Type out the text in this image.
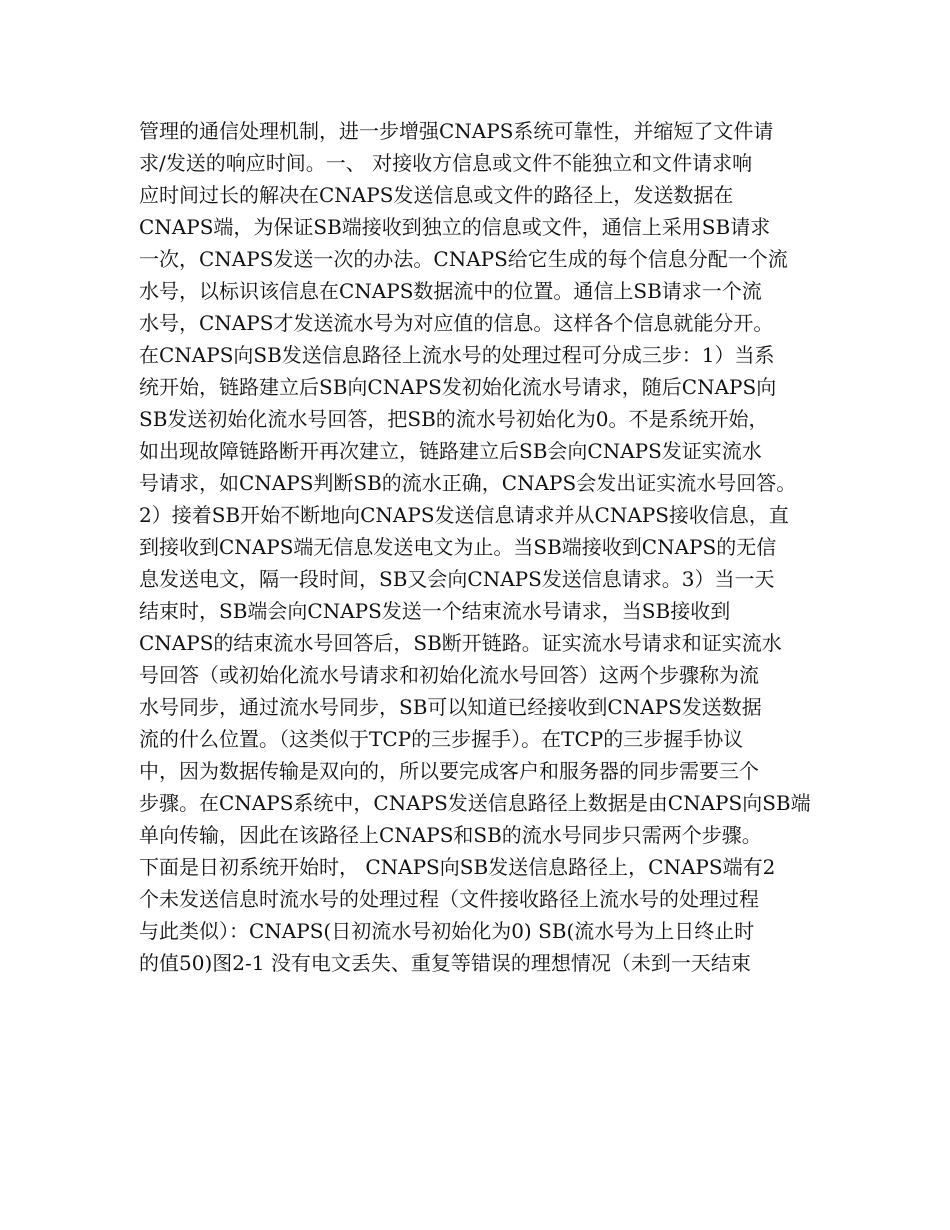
管理的通信处理机制，进一步增强CNAPS系统可靠性，并缩短了文件请
求/发送的响应时间。一、 对接收方信息或文件不能独立和文件请求响
应时间过长的解决在CNAPS发送信息或文件的路径上，发送数据在
CNAPS端，为保证SB端接收到独立的信息或文件，通信上采用SB请求
一次，CNAPS发送一次的办法。CNAPS给它生成的每个信息分配一个流
水号，以标识该信息在CNAPS数据流中的位置。通信上SB请求一个流
水号，CNAPS才发送流水号为对应值的信息。这样各个信息就能分开。
在CNAPS向SB发送信息路径上流水号的处理过程可分成三步：1）当系
统开始，链路建立后SB向CNAPS发初始化流水号请求，随后CNAPS向
SB发送初始化流水号回答，把SB的流水号初始化为0。不是系统开始，
如出现故障链路断开再次建立，链路建立后SB会向CNAPS发证实流水
号请求，如CNAPS判断SB的流水正确，CNAPS会发出证实流水号回答。
2）接着SB开始不断地向CNAPS发送信息请求并从CNAPS接收信息，直
到接收到CNAPS端无信息发送电文为止。当SB端接收到CNAPS的无信
息发送电文，隔一段时间，SB又会向CNAPS发送信息请求。3）当一天
结束时，SB端会向CNAPS发送一个结束流水号请求，当SB接收到
CNAPS的结束流水号回答后，SB断开链路。证实流水号请求和证实流水
号回答（或初始化流水号请求和初始化流水号回答）这两个步骤称为流
水号同步，通过流水号同步，SB可以知道已经接收到CNAPS发送数据
流的什么位置。（这类似于TCP的三步握手）。在TCP的三步握手协议
中，因为数据传输是双向的，所以要完成客户和服务器的同步需要三个
步骤。在CNAPS系统中，CNAPS发送信息路径上数据是由CNAPS向SB端
单向传输，因此在该路径上CNAPS和SB的流水号同步只需两个步骤。
下面是日初系统开始时， CNAPS向SB发送信息路径上，CNAPS端有2
个未发送信息时流水号的处理过程（文件接收路径上流水号的处理过程
与此类似）：CNAPS(日初流水号初始化为0) SB(流水号为上日终止时
的值50)图2-1 没有电文丢失、重复等错误的理想情况（未到一天结束
